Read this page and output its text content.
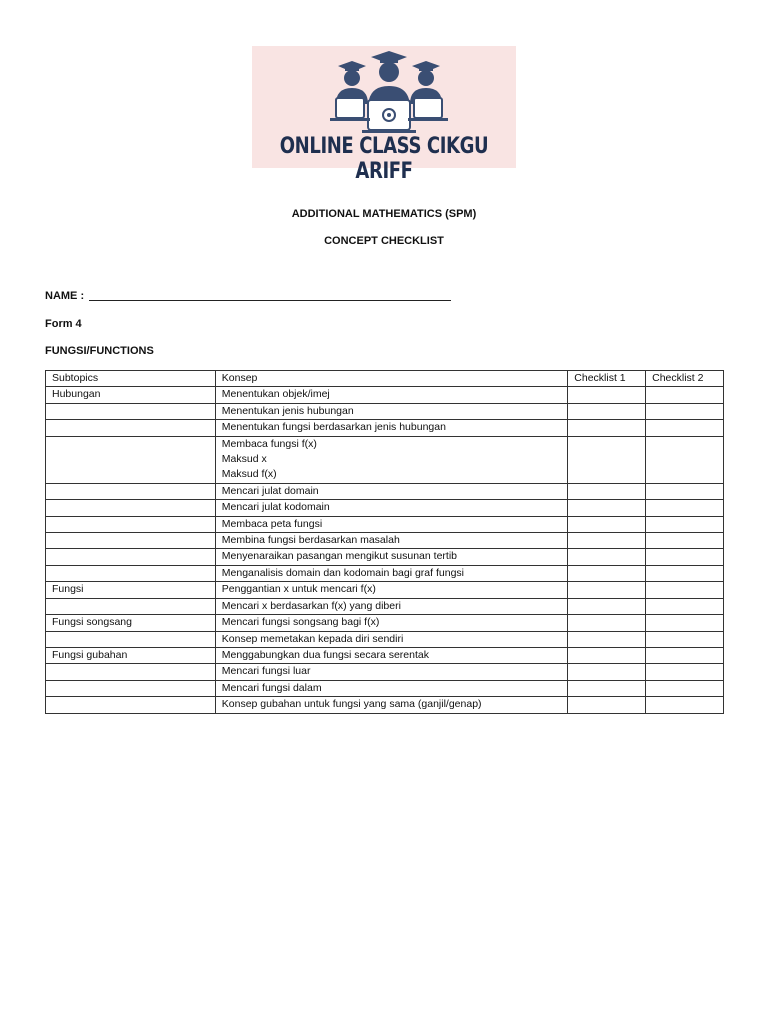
ONLINE CLASS CIKGU ARIFF
ADDITIONAL MATHEMATICS (SPM)
CONCEPT CHECKLIST
NAME :
Form 4
FUNGSI/FUNCTIONS
Subtopics	Konsep	Checklist 1	Checklist 2
Hubungan	Menentukan objek/imej		

	Menentukan jenis hubungan		

	Menentukan fungsi berdasarkan jenis hubungan		

	Membaca fungsi f(x)
Maksud x
Maksud f(x)		

	Mencari julat domain		

	Mencari julat kodomain		

	Membaca peta fungsi		

	Membina fungsi berdasarkan masalah		

	Menyenaraikan pasangan mengikut susunan tertib		

	Menganalisis domain dan kodomain bagi graf fungsi		

Fungsi	Penggantian x untuk mencari f(x)		

	Mencari x berdasarkan f(x) yang diberi		

Fungsi songsang	Mencari fungsi songsang bagi f(x)		

	Konsep memetakan kepada diri sendiri		

Fungsi gubahan	Menggabungkan dua fungsi secara serentak		

	Mencari fungsi luar		

	Mencari fungsi dalam		

	Konsep gubahan untuk fungsi yang sama (ganjil/genap)		
